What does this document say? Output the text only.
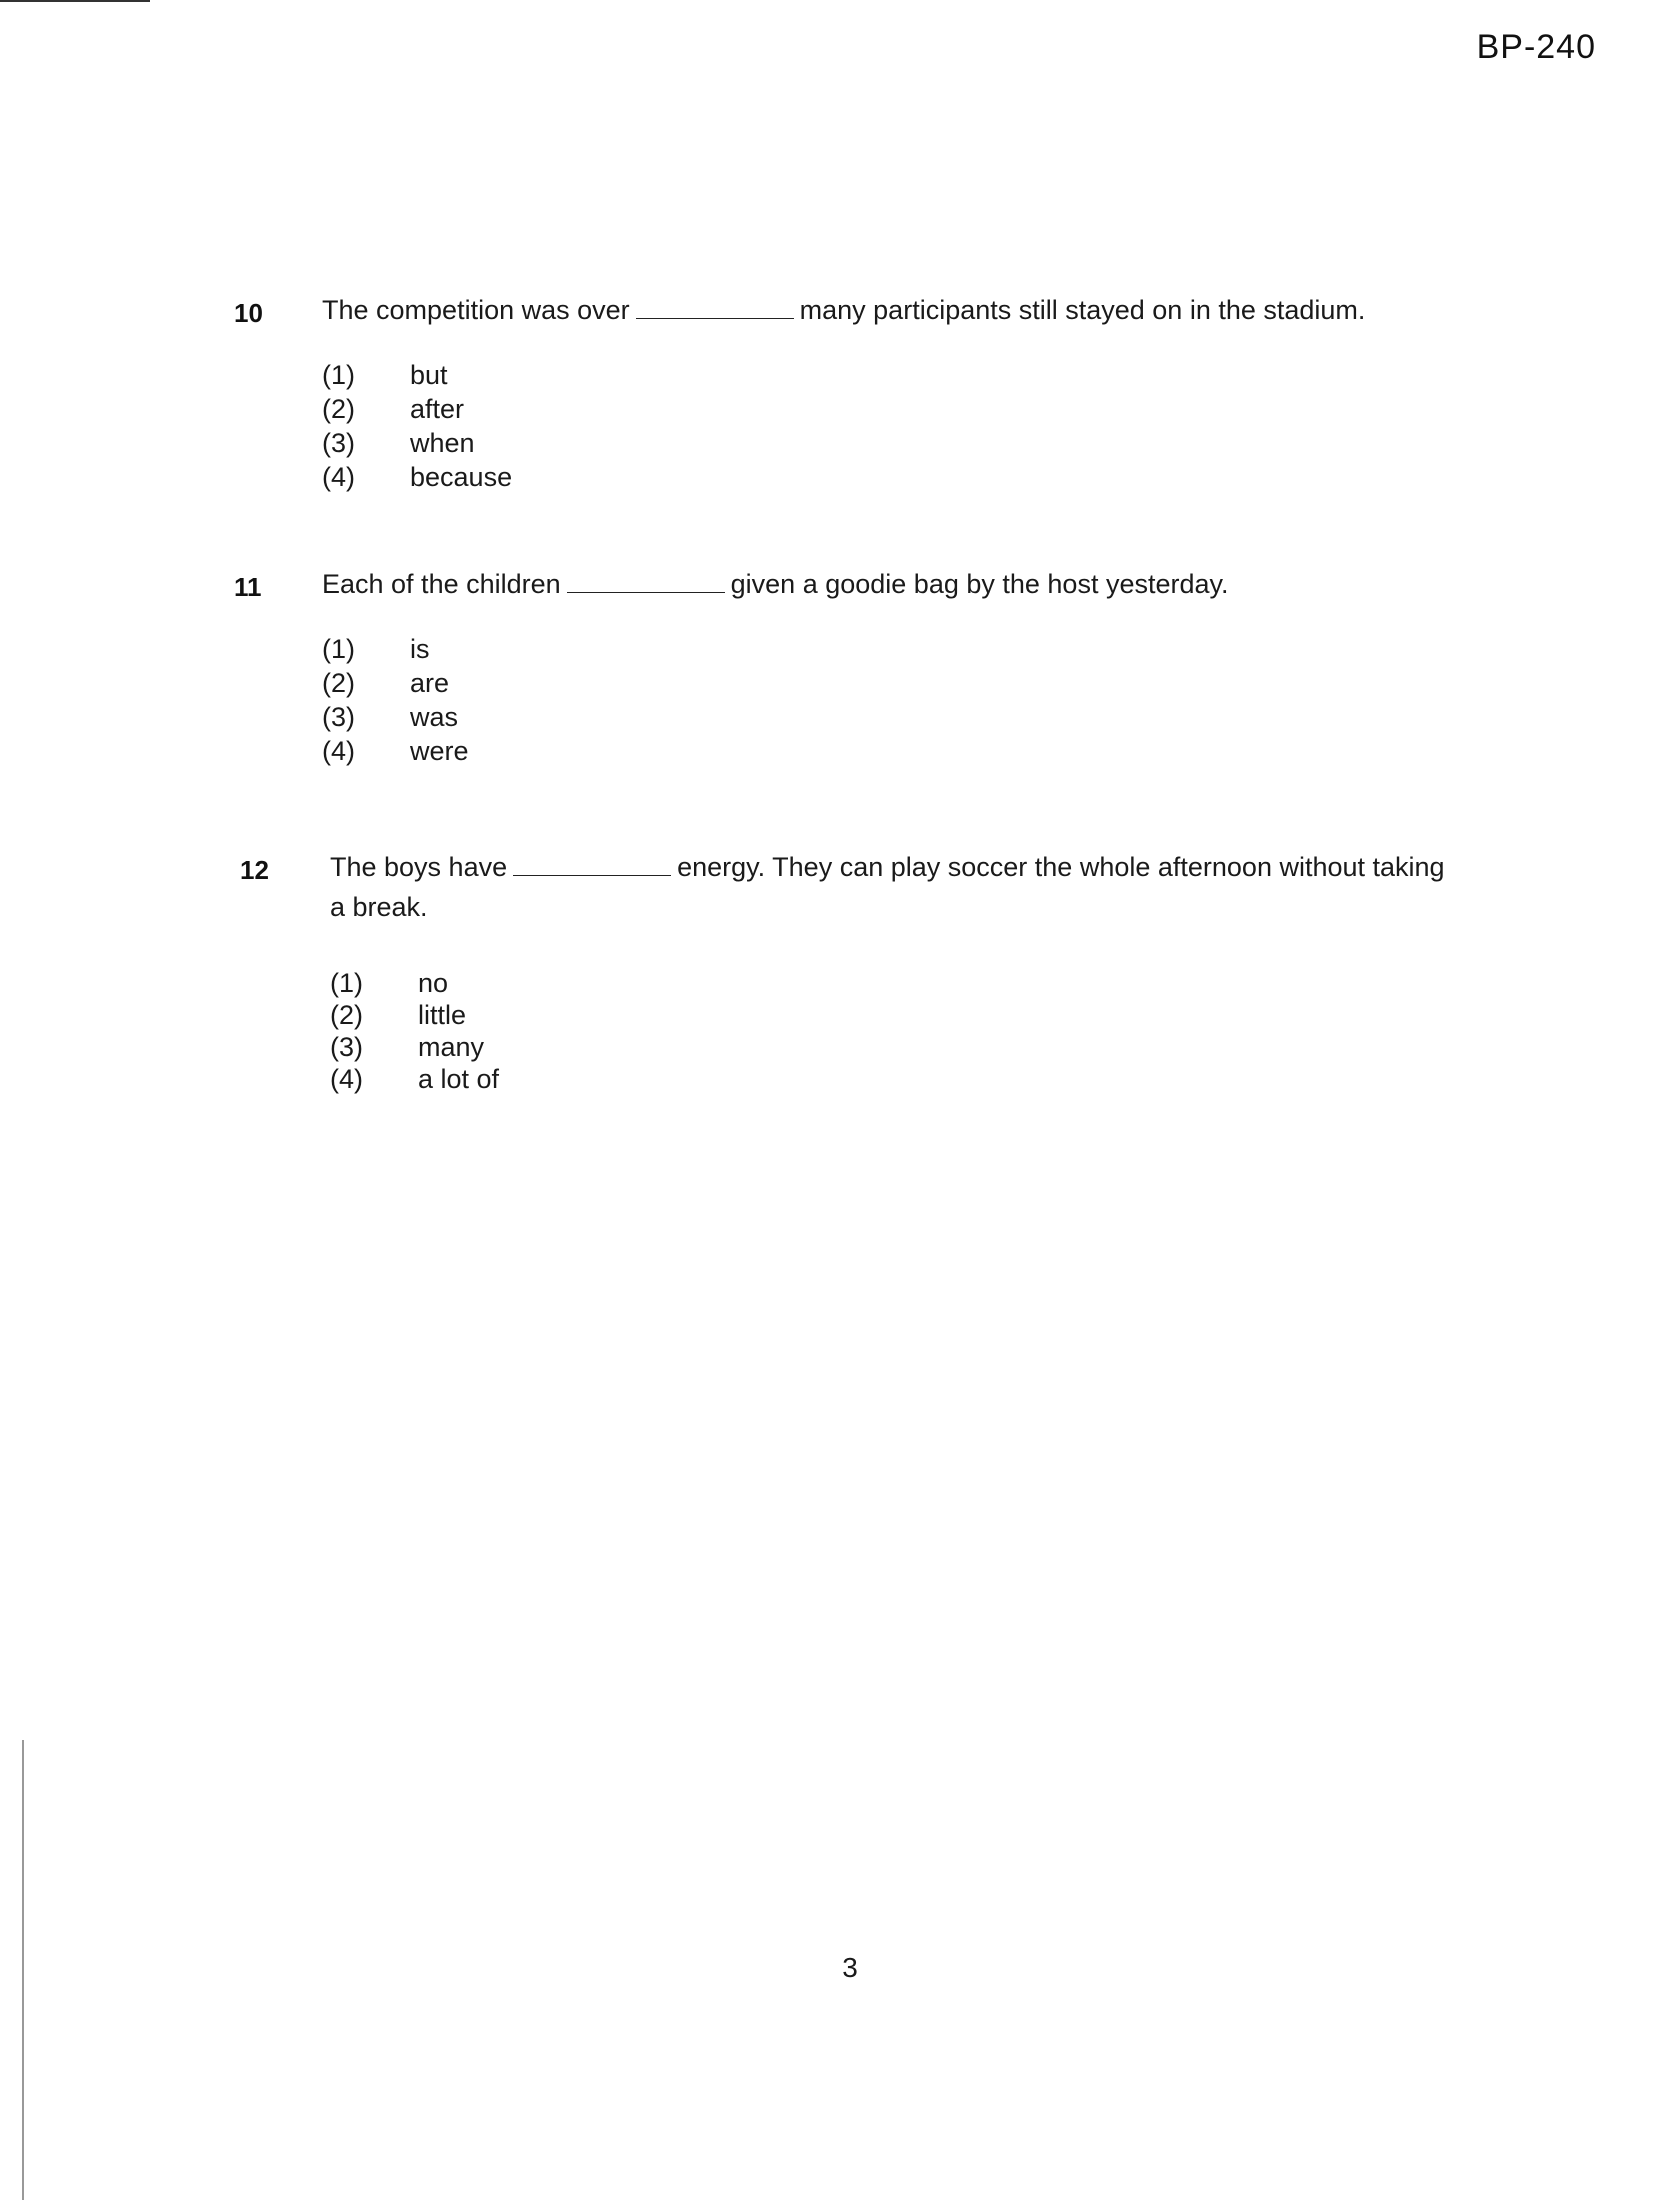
BP-240
10 The competition was over	many participants still stayed on in the stadium.
(1)	but
(2)	after
(3)	when
(4)	because
11 Each of the children	given a goodie bag by the host yesterday.
(1)	is
(2)	are
(3)	was
(4)	were
12 The boys have	energy. They can play soccer the whole afternoon without taking a break.
(1)	no
(2)	little
(3)	many
(4)	a lot of
3
